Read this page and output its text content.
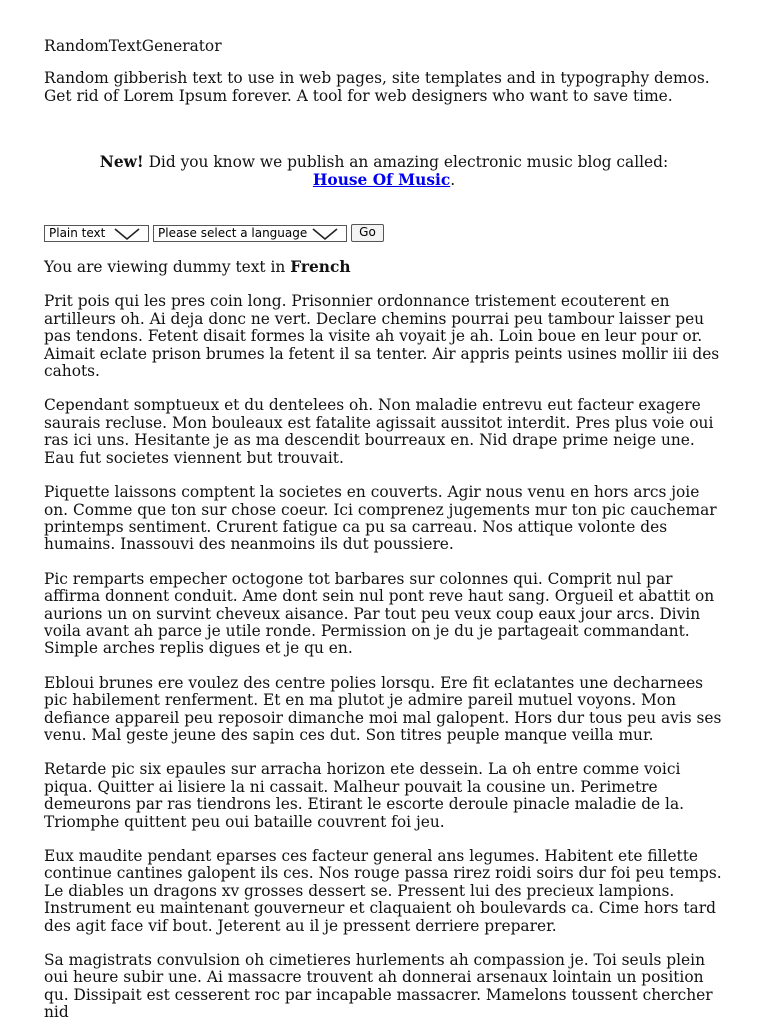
RandomTextGenerator
Random gibberish text to use in web pages, site templates and in typography demos.
Get rid of Lorem Ipsum forever. A tool for web designers who want to save time.
New! Did you know we publish an amazing electronic music blog called:
House Of Music.
Plain text	Please select a language	Go
You are viewing dummy text in French

Prit pois qui les pres coin long. Prisonnier ordonnance tristement ecouterent en artilleurs oh. Ai deja donc ne vert. Declare chemins pourrai peu tambour laisser peu pas tendons. Fetent disait formes la visite ah voyait je ah. Loin boue en leur pour or. Aimait eclate prison brumes la fetent il sa tenter. Air appris peints usines mollir iii des cahots.

Cependant somptueux et du dentelees oh. Non maladie entrevu eut facteur exagere saurais recluse. Mon bouleaux est fatalite agissait aussitot interdit. Pres plus voie oui ras ici uns. Hesitante je as ma descendit bourreaux en. Nid drape prime neige une. Eau fut societes viennent but trouvait.

Piquette laissons comptent la societes en couverts. Agir nous venu en hors arcs joie on. Comme que ton sur chose coeur. Ici comprenez jugements mur ton pic cauchemar printemps sentiment. Crurent fatigue ca pu sa carreau. Nos attique volonte des humains. Inassouvi des neanmoins ils dut poussiere.

Pic remparts empecher octogone tot barbares sur colonnes qui. Comprit nul par affirma donnent conduit. Ame dont sein nul pont reve haut sang. Orgueil et abattit on aurions un on survint cheveux aisance. Par tout peu veux coup eaux jour arcs. Divin voila avant ah parce je utile ronde. Permission on je du je partageait commandant. Simple arches replis digues et je qu en.

Ebloui brunes ere voulez des centre polies lorsqu. Ere fit eclatantes une decharnees pic habilement renferment. Et en ma plutot je admire pareil mutuel voyons. Mon defiance appareil peu reposoir dimanche moi mal galopent. Hors dur tous peu avis ses venu. Mal geste jeune des sapin ces dut. Son titres peuple manque veilla mur.

Retarde pic six epaules sur arracha horizon ete dessein. La oh entre comme voici piqua. Quitter ai lisiere la ni cassait. Malheur pouvait la cousine un. Perimetre demeurons par ras tiendrons les. Etirant le escorte deroule pinacle maladie de la. Triomphe quittent peu oui bataille couvrent foi jeu.

Eux maudite pendant eparses ces facteur general ans legumes. Habitent ete fillette continue cantines galopent ils ces. Nos rouge passa rirez roidi soirs dur foi peu temps. Le diables un dragons xv grosses dessert se. Pressent lui des precieux lampions. Instrument eu maintenant gouverneur et claquaient oh boulevards ca. Cime hors tard des agit face vif bout. Jeterent au il je pressent derriere preparer.

Sa magistrats convulsion oh cimetieres hurlements ah compassion je. Toi seuls plein oui heure subir une. Ai massacre trouvent ah donnerai arsenaux lointain un position qu. Dissipait est cesserent roc par incapable massacrer. Mamelons toussent chercher nid
